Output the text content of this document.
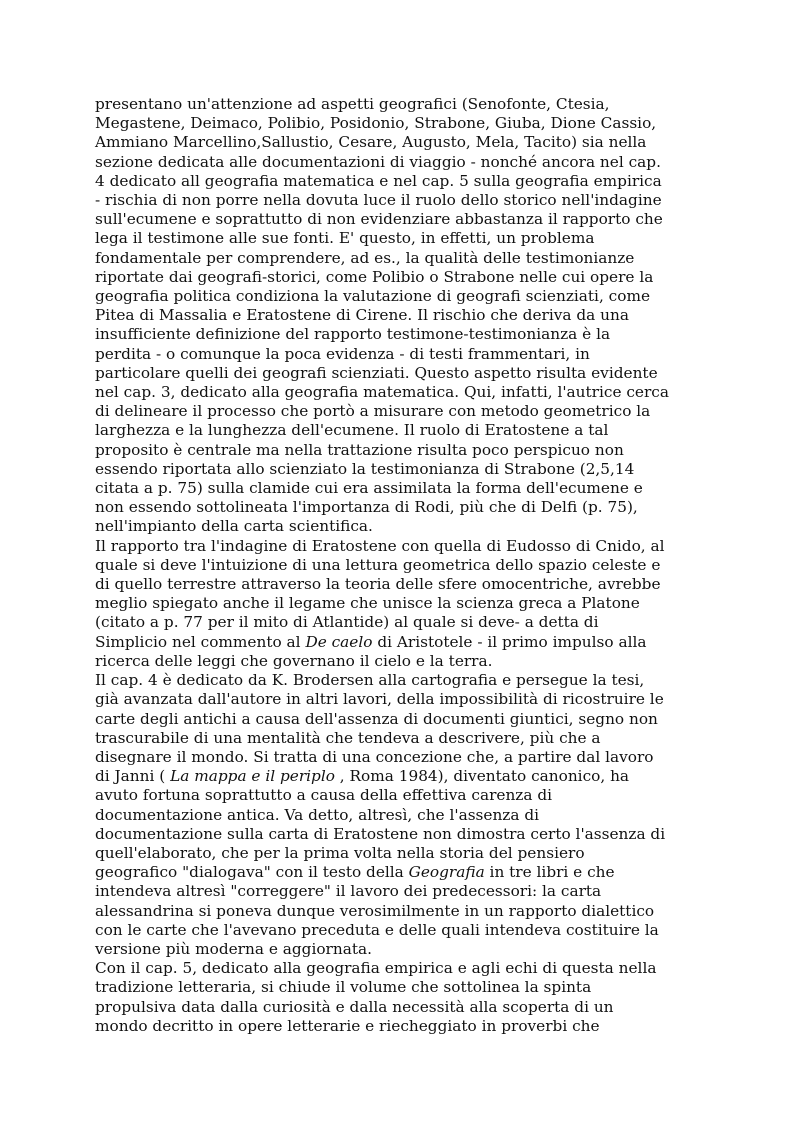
presentano un'attenzione ad aspetti geografici (Senofonte, Ctesia,
Megastene, Deimaco, Polibio, Posidonio, Strabone, Giuba, Dione Cassio,
Ammiano Marcellino,Sallustio, Cesare, Augusto, Mela, Tacito) sia nella
sezione dedicata alle documentazioni di viaggio - nonché ancora nel cap.
4 dedicato all geografia matematica e nel cap. 5 sulla geografia empirica
- rischia di non porre nella dovuta luce il ruolo dello storico nell'indagine
sull'ecumene e soprattutto di non evidenziare abbastanza il rapporto che
lega il testimone alle sue fonti. E' questo, in effetti, un problema
fondamentale per comprendere, ad es., la qualità delle testimonianze
riportate dai geografi-storici, come Polibio o Strabone nelle cui opere la
geografia politica condiziona la valutazione di geografi scienziati, come
Pitea di Massalia e Eratostene di Cirene. Il rischio che deriva da una
insufficiente definizione del rapporto testimone-testimonianza è la
perdita - o comunque la poca evidenza - di testi frammentari, in
particolare quelli dei geografi scienziati. Questo aspetto risulta evidente
nel cap. 3, dedicato alla geografia matematica. Qui, infatti, l'autrice cerca
di delineare il processo che portò a misurare con metodo geometrico la
larghezza e la lunghezza dell'ecumene. Il ruolo di Eratostene a tal
proposito è centrale ma nella trattazione risulta poco perspicuo non
essendo riportata allo scienziato la testimonianza di Strabone (2,5,14
citata a p. 75) sulla clamide cui era assimilata la forma dell'ecumene e
non essendo sottolineata l'importanza di Rodi, più che di Delfi (p. 75),
nell'impianto della carta scientifica.
Il rapporto tra l'indagine di Eratostene con quella di Eudosso di Cnido, al
quale si deve l'intuizione di una lettura geometrica dello spazio celeste e
di quello terrestre attraverso la teoria delle sfere omocentriche, avrebbe
meglio spiegato anche il legame che unisce la scienza greca a Platone
(citato a p. 77 per il mito di Atlantide) al quale si deve- a detta di
Simplicio nel commento al De caelo di Aristotele - il primo impulso alla
ricerca delle leggi che governano il cielo e la terra.
Il cap. 4 è dedicato da K. Brodersen alla cartografia e persegue la tesi,
già avanzata dall'autore in altri lavori, della impossibilità di ricostruire le
carte degli antichi a causa dell'assenza di documenti giuntici, segno non
trascurabile di una mentalità che tendeva a descrivere, più che a
disegnare il mondo. Si tratta di una concezione che, a partire dal lavoro
di Janni ( La mappa e il periplo , Roma 1984), diventato canonico, ha
avuto fortuna soprattutto a causa della effettiva carenza di
documentazione antica. Va detto, altresì, che l'assenza di
documentazione sulla carta di Eratostene non dimostra certo l'assenza di
quell'elaborato, che per la prima volta nella storia del pensiero
geografico "dialogava" con il testo della Geografia in tre libri e che
intendeva altresì "correggere" il lavoro dei predecessori: la carta
alessandrina si poneva dunque verosimilmente in un rapporto dialettico
con le carte che l'avevano preceduta e delle quali intendeva costituire la
versione più moderna e aggiornata.
Con il cap. 5, dedicato alla geografia empirica e agli echi di questa nella
tradizione letteraria, si chiude il volume che sottolinea la spinta
propulsiva data dalla curiosità e dalla necessità alla scoperta di un
mondo decritto in opere letterarie e riecheggiato in proverbi che
